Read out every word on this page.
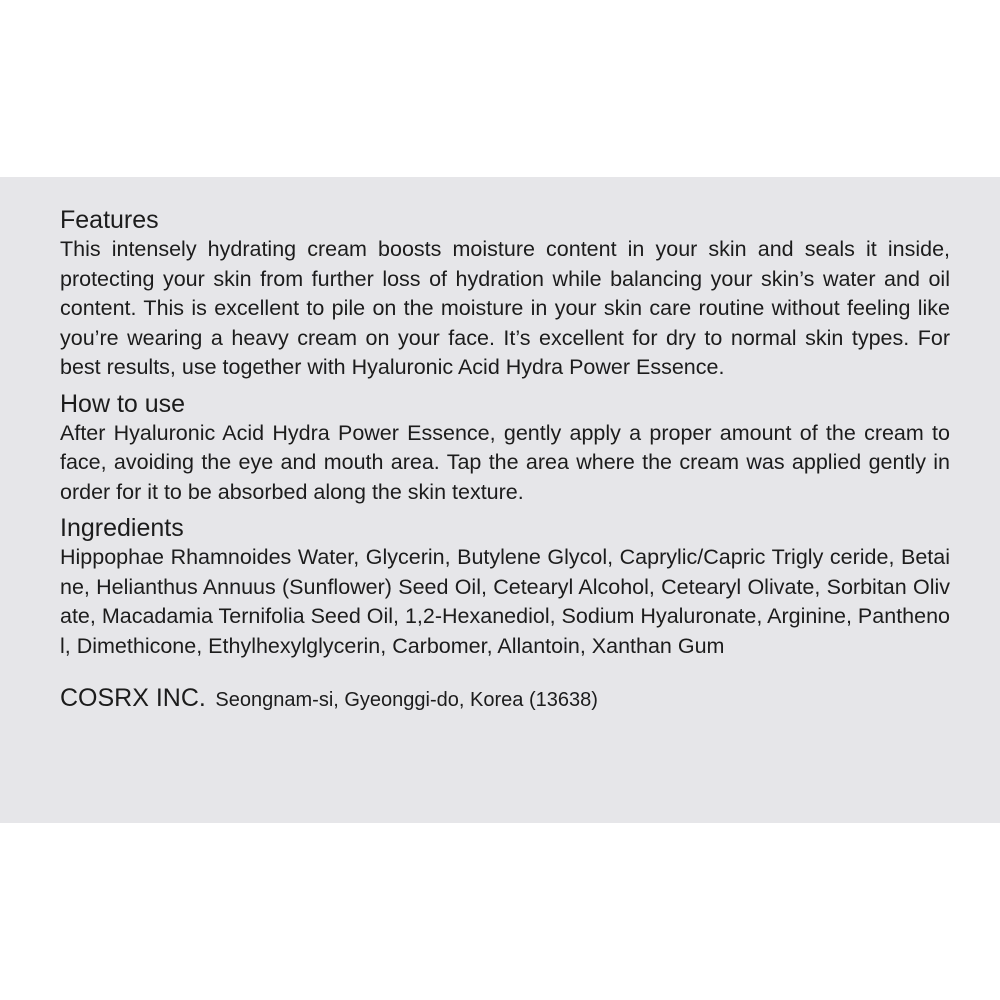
Features

This intensely hydrating cream boosts moisture content in your skin and seals it inside, protecting your skin from further loss of hydration while balancing your skin’s water and oil content. This is excellent to pile on the moisture in your skin care routine without feeling like you’re wearing a heavy cream on your face. It’s excellent for dry to normal skin types. For best results, use together with Hyaluronic Acid Hydra Power Essence.

How to use

After Hyaluronic Acid Hydra Power Essence, gently apply a proper amount of the cream to face, avoiding the eye and mouth area. Tap the area where the cream was applied gently in order for it to be absorbed along the skin texture.

Ingredients

Hippophae Rhamnoides Water, Glycerin, Butylene Glycol, Caprylic/Capric Trigly ceride, Betaine, Helianthus Annuus (Sunflower) Seed Oil, Cetearyl Alcohol, Cetearyl Olivate, Sorbitan Olivate, Macadamia Ternifolia Seed Oil, 1,2-Hexanediol, Sodium Hyaluronate, Arginine, Panthenol, Dimethicone, Ethylhexylglycerin, Carbomer, Allantoin, Xanthan Gum

COSRX INC. Seongnam-si, Gyeonggi-do, Korea (13638)
